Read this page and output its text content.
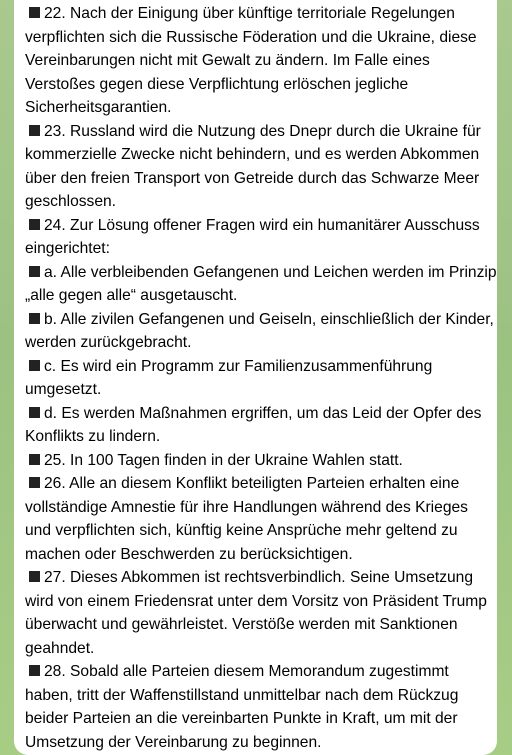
22. Nach der Einigung über künftige territoriale Regelungen verpflichten sich die Russische Föderation und die Ukraine, diese Vereinbarungen nicht mit Gewalt zu ändern. Im Falle eines Verstoßes gegen diese Verpflichtung erlöschen jegliche Sicherheitsgarantien.

23. Russland wird die Nutzung des Dnepr durch die Ukraine für kommerzielle Zwecke nicht behindern, und es werden Abkommen über den freien Transport von Getreide durch das Schwarze Meer geschlossen.

24. Zur Lösung offener Fragen wird ein humanitärer Ausschuss eingerichtet:

a. Alle verbleibenden Gefangenen und Leichen werden im Prinzip „alle gegen alle“ ausgetauscht.

b. Alle zivilen Gefangenen und Geiseln, einschließlich der Kinder, werden zurückgebracht.

c. Es wird ein Programm zur Familienzusammenführung umgesetzt.

d. Es werden Maßnahmen ergriffen, um das Leid der Opfer des Konflikts zu lindern.

25. In 100 Tagen finden in der Ukraine Wahlen statt.

26. Alle an diesem Konflikt beteiligten Parteien erhalten eine vollständige Amnestie für ihre Handlungen während des Krieges und verpflichten sich, künftig keine Ansprüche mehr geltend zu machen oder Beschwerden zu berücksichtigen.

27. Dieses Abkommen ist rechtsverbindlich. Seine Umsetzung wird von einem Friedensrat unter dem Vorsitz von Präsident Trump überwacht und gewährleistet. Verstöße werden mit Sanktionen geahndet.

28. Sobald alle Parteien diesem Memorandum zugestimmt haben, tritt der Waffenstillstand unmittelbar nach dem Rückzug beider Parteien an die vereinbarten Punkte in Kraft, um mit der Umsetzung der Vereinbarung zu beginnen.
